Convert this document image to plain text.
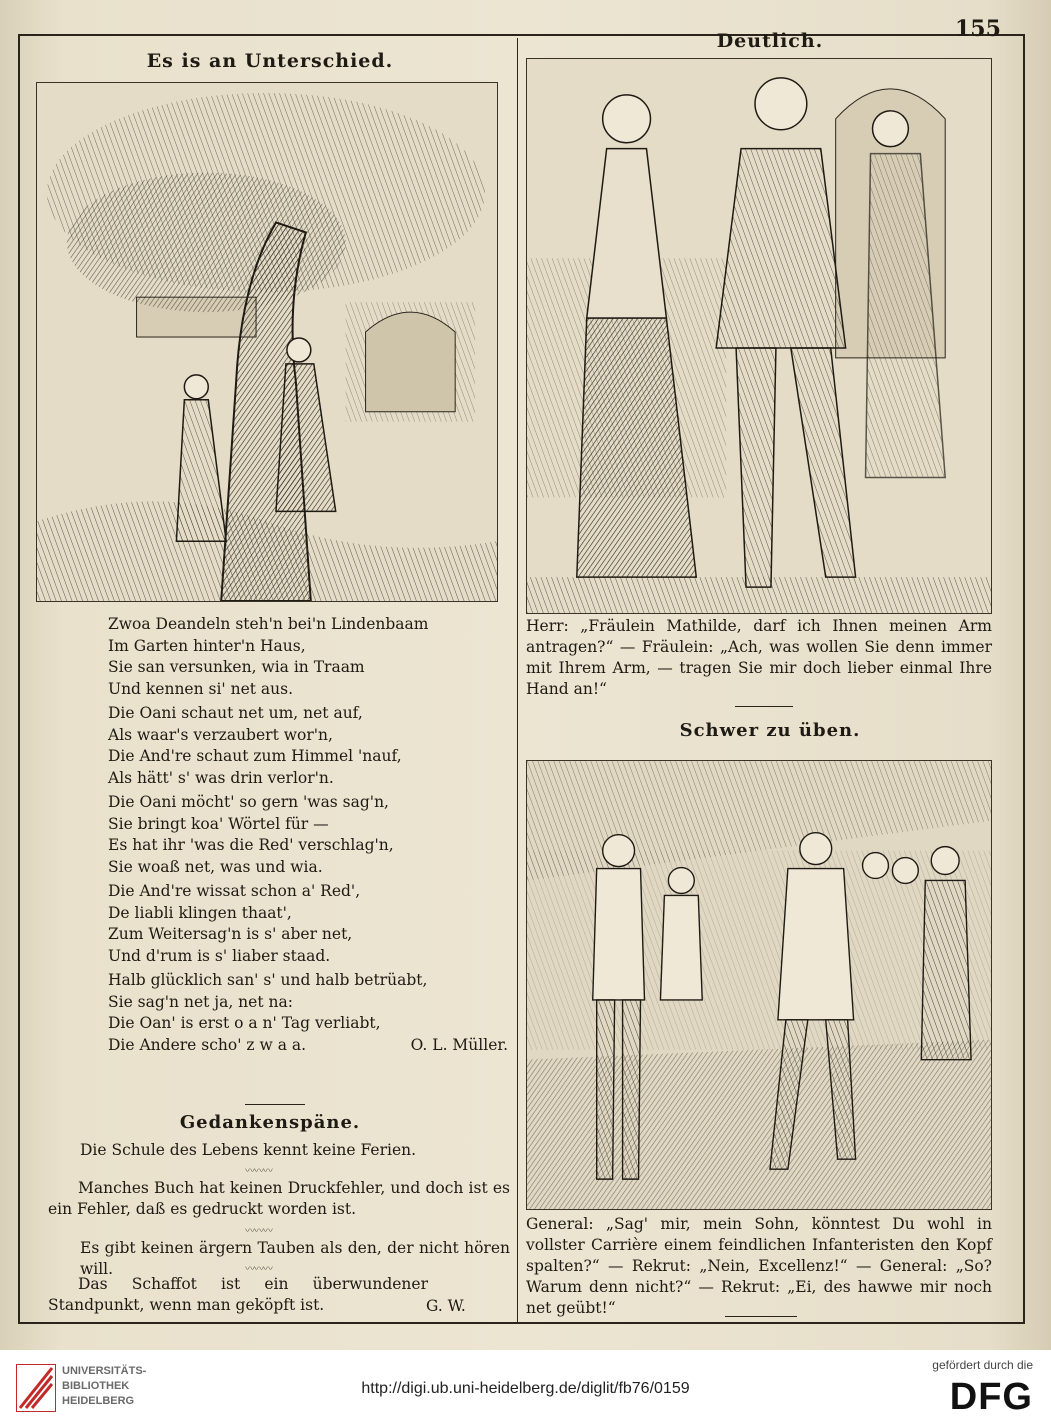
155
Es is an Unterschied.
Zwoa Deandeln steh'n bei'n Lindenbaam
Im Garten hinter'n Haus,
Sie san versunken, wia in Traam
Und kennen si' net aus.
Die Oani schaut net um, net auf,
Als waar's verzaubert wor'n,
Die And're schaut zum Himmel 'nauf,
Als hätt' s' was drin verlor'n.
Die Oani möcht' so gern 'was sag'n,
Sie bringt koa' Wörtel für —
Es hat ihr 'was die Red' verschlag'n,
Sie woaß net, was und wia.
Die And're wissat schon a' Red',
De liabli klingen thaat',
Zum Weitersag'n is s' aber net,
Und d'rum is s' liaber staad.
Halb glücklich san' s' und halb betrüabt,
Sie sag'n net ja, net na:
Die Oan' is erst o a n' Tag verliabt,
Die Andere scho' z w a a.	O. L. Müller.
Gedankenspäne.
Die Schule des Lebens kennt keine Ferien.
〰〰〰
Manches Buch hat keinen Druckfehler, und doch ist es ein Fehler, daß es gedruckt worden ist.
〰〰〰
Es gibt keinen ärgern Tauben als den, der nicht hören will.	〰〰〰
Das Schaffot ist ein überwundener Standpunkt, wenn man geköpft ist.	G. W.
Deutlich.
Herr: „Fräulein Mathilde, darf ich Ihnen meinen Arm antragen?“ — Fräulein: „Ach, was wollen Sie denn immer mit Ihrem Arm, — tragen Sie mir doch lieber einmal Ihre Hand an!“
Schwer zu üben.
General: „Sag' mir, mein Sohn, könntest Du wohl in vollster Carrière einem feindlichen Infanteristen den Kopf spalten?“ — Rekrut: „Nein, Excellenz!“ — General: „So? Warum denn nicht?“ — Rekrut: „Ei, des hawwe mir noch net geübt!“
UNIVERSITÄTS-
BIBLIOTHEK
HEIDELBERG
http://digi.ub.uni-heidelberg.de/diglit/fb76/0159
gefördert durch die
DFG
